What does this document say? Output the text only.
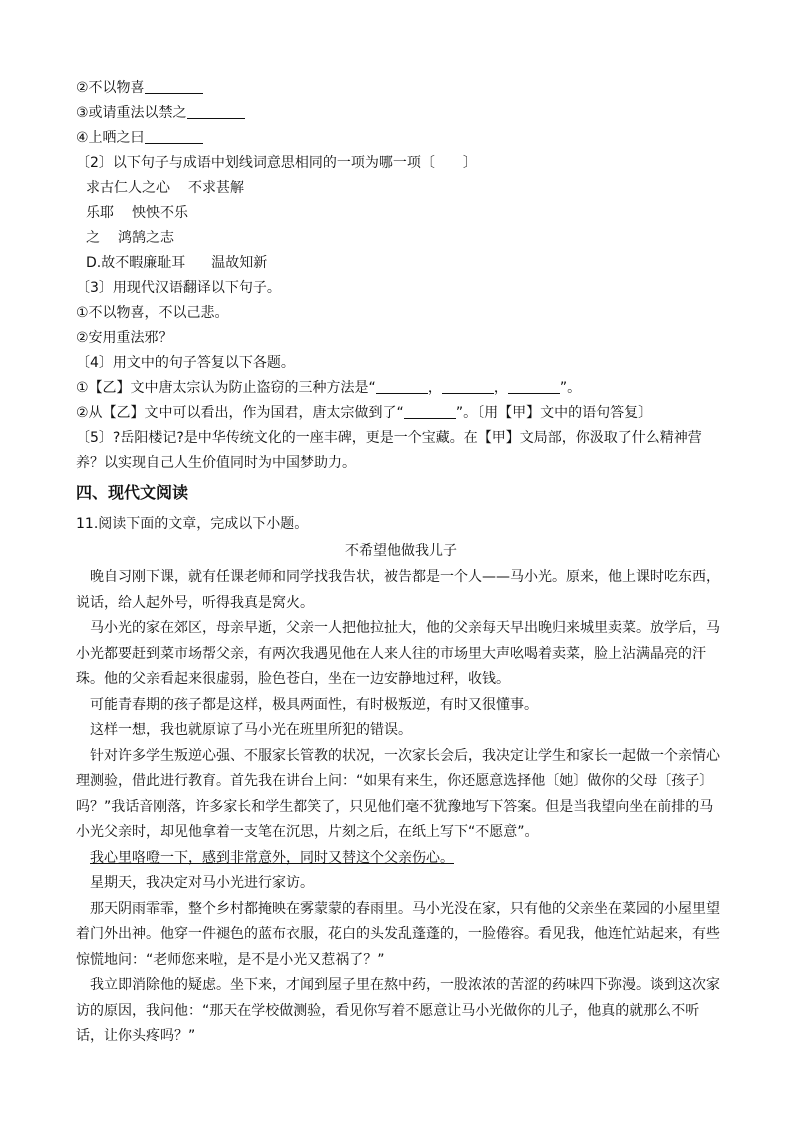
②不以物喜
③或请重法以禁之
④上哂之曰
〔2〕以下句子与成语中划线词意思相同的一项为哪一项〔　　〕
求古仁人之心 不求甚解
乐耶 怏怏不乐
之 鸿鹄之志
D.故不暇廉耻耳 温故知新
〔3〕用现代汉语翻译以下句子。
①不以物喜，不以己悲。
②安用重法邪？
〔4〕用文中的句子答复以下各题。
①【乙】文中唐太宗认为防止盗窃的三种方法是“	，	，	”。
②从【乙】文中可以看出，作为国君，唐太宗做到了“	”。〔用【甲】文中的语句答复〕
〔5〕?岳阳楼记?是中华传统文化的一座丰碑，更是一个宝藏。在【甲】文局部，你汲取了什么精神营养？以实现自己人生价值同时为中国梦助力。
四、现代文阅读
11.阅读下面的文章，完成以下小题。
不希望他做我儿子
晚自习刚下课，就有任课老师和同学找我告状，被告都是一个人——马小光。原来，他上课时吃东西，说话，给人起外号，听得我真是窝火。
马小光的家在郊区，母亲早逝，父亲一人把他拉扯大，他的父亲每天早出晚归来城里卖菜。放学后，马小光都要赶到菜市场帮父亲，有两次我遇见他在人来人往的市场里大声吆喝着卖菜，脸上沾满晶亮的汗珠。他的父亲看起来很虚弱，脸色苍白，坐在一边安静地过秤，收钱。
可能青春期的孩子都是这样，极具两面性，有时极叛逆，有时又很懂事。
这样一想，我也就原谅了马小光在班里所犯的错误。
针对许多学生叛逆心强、不服家长管教的状况，一次家长会后，我决定让学生和家长一起做一个亲情心理测验，借此进行教育。首先我在讲台上问：“如果有来生，你还愿意选择他〔她〕做你的父母〔孩子〕吗？”我话音刚落，许多家长和学生都笑了，只见他们毫不犹豫地写下答案。但是当我望向坐在前排的马小光父亲时，却见他拿着一支笔在沉思，片刻之后，在纸上写下“不愿意”。
我心里咯噔一下，感到非常意外，同时又替这个父亲伤心。
星期天，我决定对马小光进行家访。
那天阴雨霏霏，整个乡村都掩映在雾蒙蒙的春雨里。马小光没在家，只有他的父亲坐在菜园的小屋里望着门外出神。他穿一件褪色的蓝布衣服，花白的头发乱蓬蓬的，一脸倦容。看见我，他连忙站起来，有些惊慌地问：“老师您来啦，是不是小光又惹祸了？”
我立即消除他的疑虑。坐下来，才闻到屋子里在熬中药，一股浓浓的苦涩的药味四下弥漫。谈到这次家访的原因，我问他：“那天在学校做测验，看见你写着不愿意让马小光做你的儿子，他真的就那么不听话，让你头疼吗？”
